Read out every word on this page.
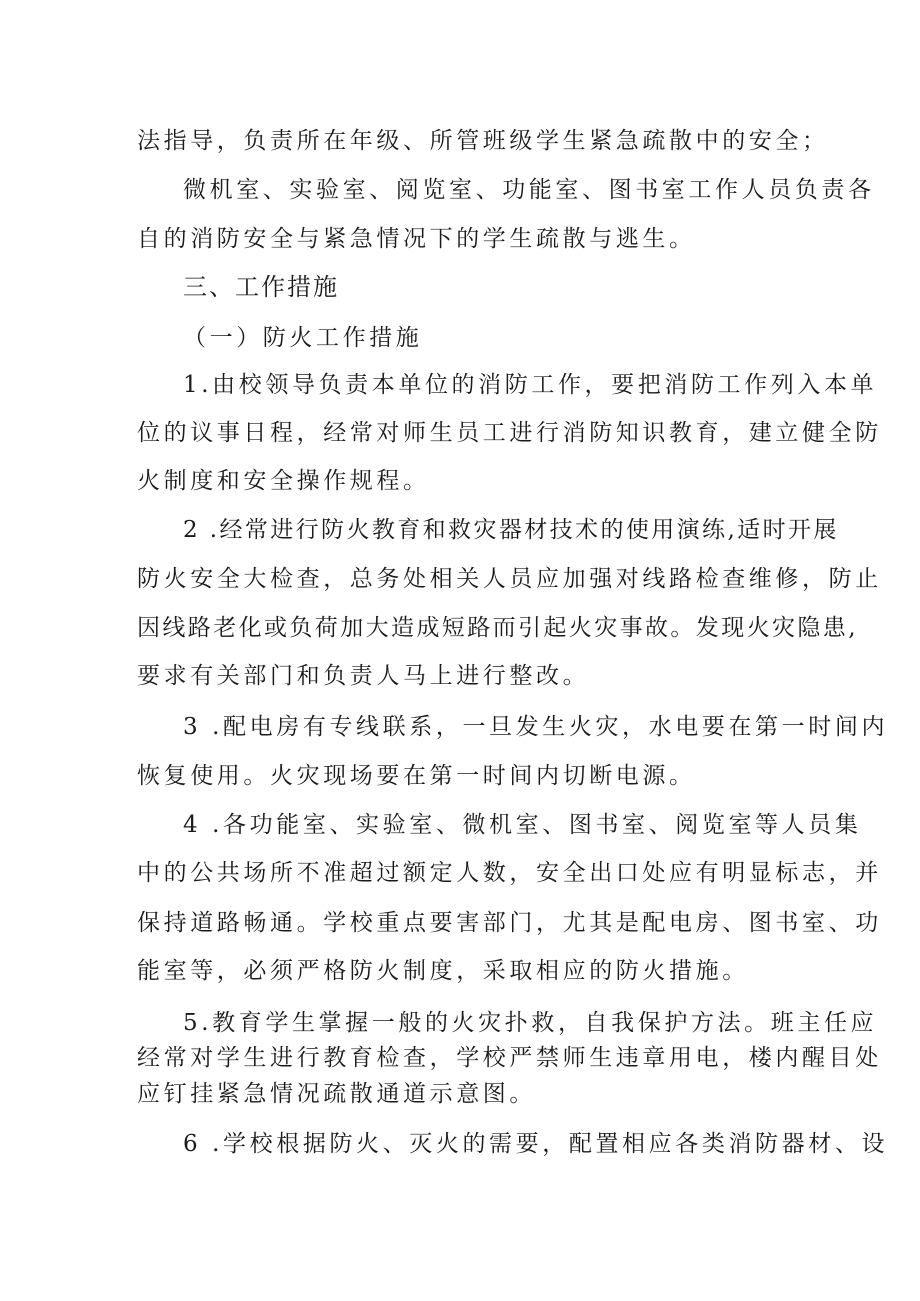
法指导，负责所在年级、所管班级学生紧急疏散中的安全；
微机室、实验室、阅览室、功能室、图书室工作人员负责各
自的消防安全与紧急情况下的学生疏散与逃生。
三、工作措施
（一）防火工作措施
1.由校领导负责本单位的消防工作，要把消防工作列入本单
位的议事日程，经常对师生员工进行消防知识教育，建立健全防
火制度和安全操作规程。
2 .经常进行防火教育和救灾器材技术的使用演练,适时开展
防火安全大检查，总务处相关人员应加强对线路检查维修，防止
因线路老化或负荷加大造成短路而引起火灾事故。发现火灾隐患,
要求有关部门和负责人马上进行整改。
3 .配电房有专线联系，一旦发生火灾，水电要在第一时间内
恢复使用。火灾现场要在第一时间内切断电源。
4 .各功能室、实验室、微机室、图书室、阅览室等人员集
中的公共场所不准超过额定人数，安全出口处应有明显标志，并
保持道路畅通。学校重点要害部门，尤其是配电房、图书室、功
能室等，必须严格防火制度，采取相应的防火措施。
5.教育学生掌握一般的火灾扑救，自我保护方法。班主任应
经常对学生进行教育检查，学校严禁师生违章用电，楼内醒目处
应钉挂紧急情况疏散通道示意图。
6 .学校根据防火、灭火的需要，配置相应各类消防器材、设
